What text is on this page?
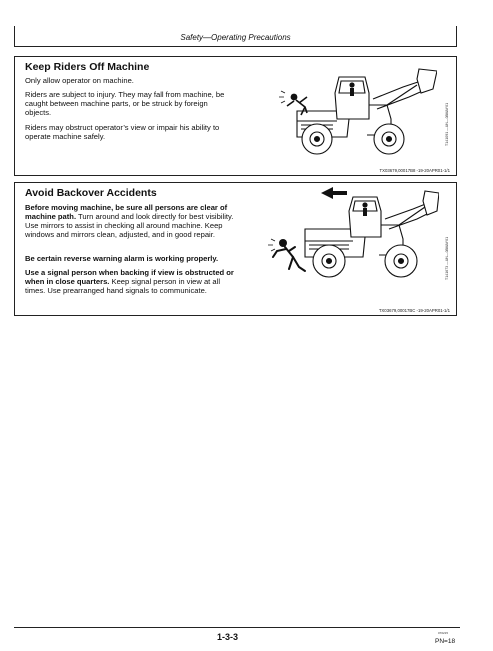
Safety—Operating Precautions
Keep Riders Off Machine

Only allow operator on machine.

Riders are subject to injury. They may fall from machine, be caught between machine parts, or be struck by foreign objects.

Riders may obstruct operator’s view or impair his ability to operate machine safely.	T141091 —UN—08MAY01
TX03679,00017B8 -19-20APR01-1/1
Avoid Backover Accidents

Before moving machine, be sure all persons are clear of machine path. Turn around and look directly for best visibility. Use mirrors to assist in checking all around machine. Keep windows and mirrors clean, adjusted, and in good repair.

Be certain reverse warning alarm is working properly.

Use a signal person when backing if view is obstructed or when in close quarters. Keep signal person in view at all times. Use prearranged hand signals to communicate.

T141673 —UN—08MAY01
TX03679,00017BC -19-20APR01-1/1
1-3-3	070215
PN=18
